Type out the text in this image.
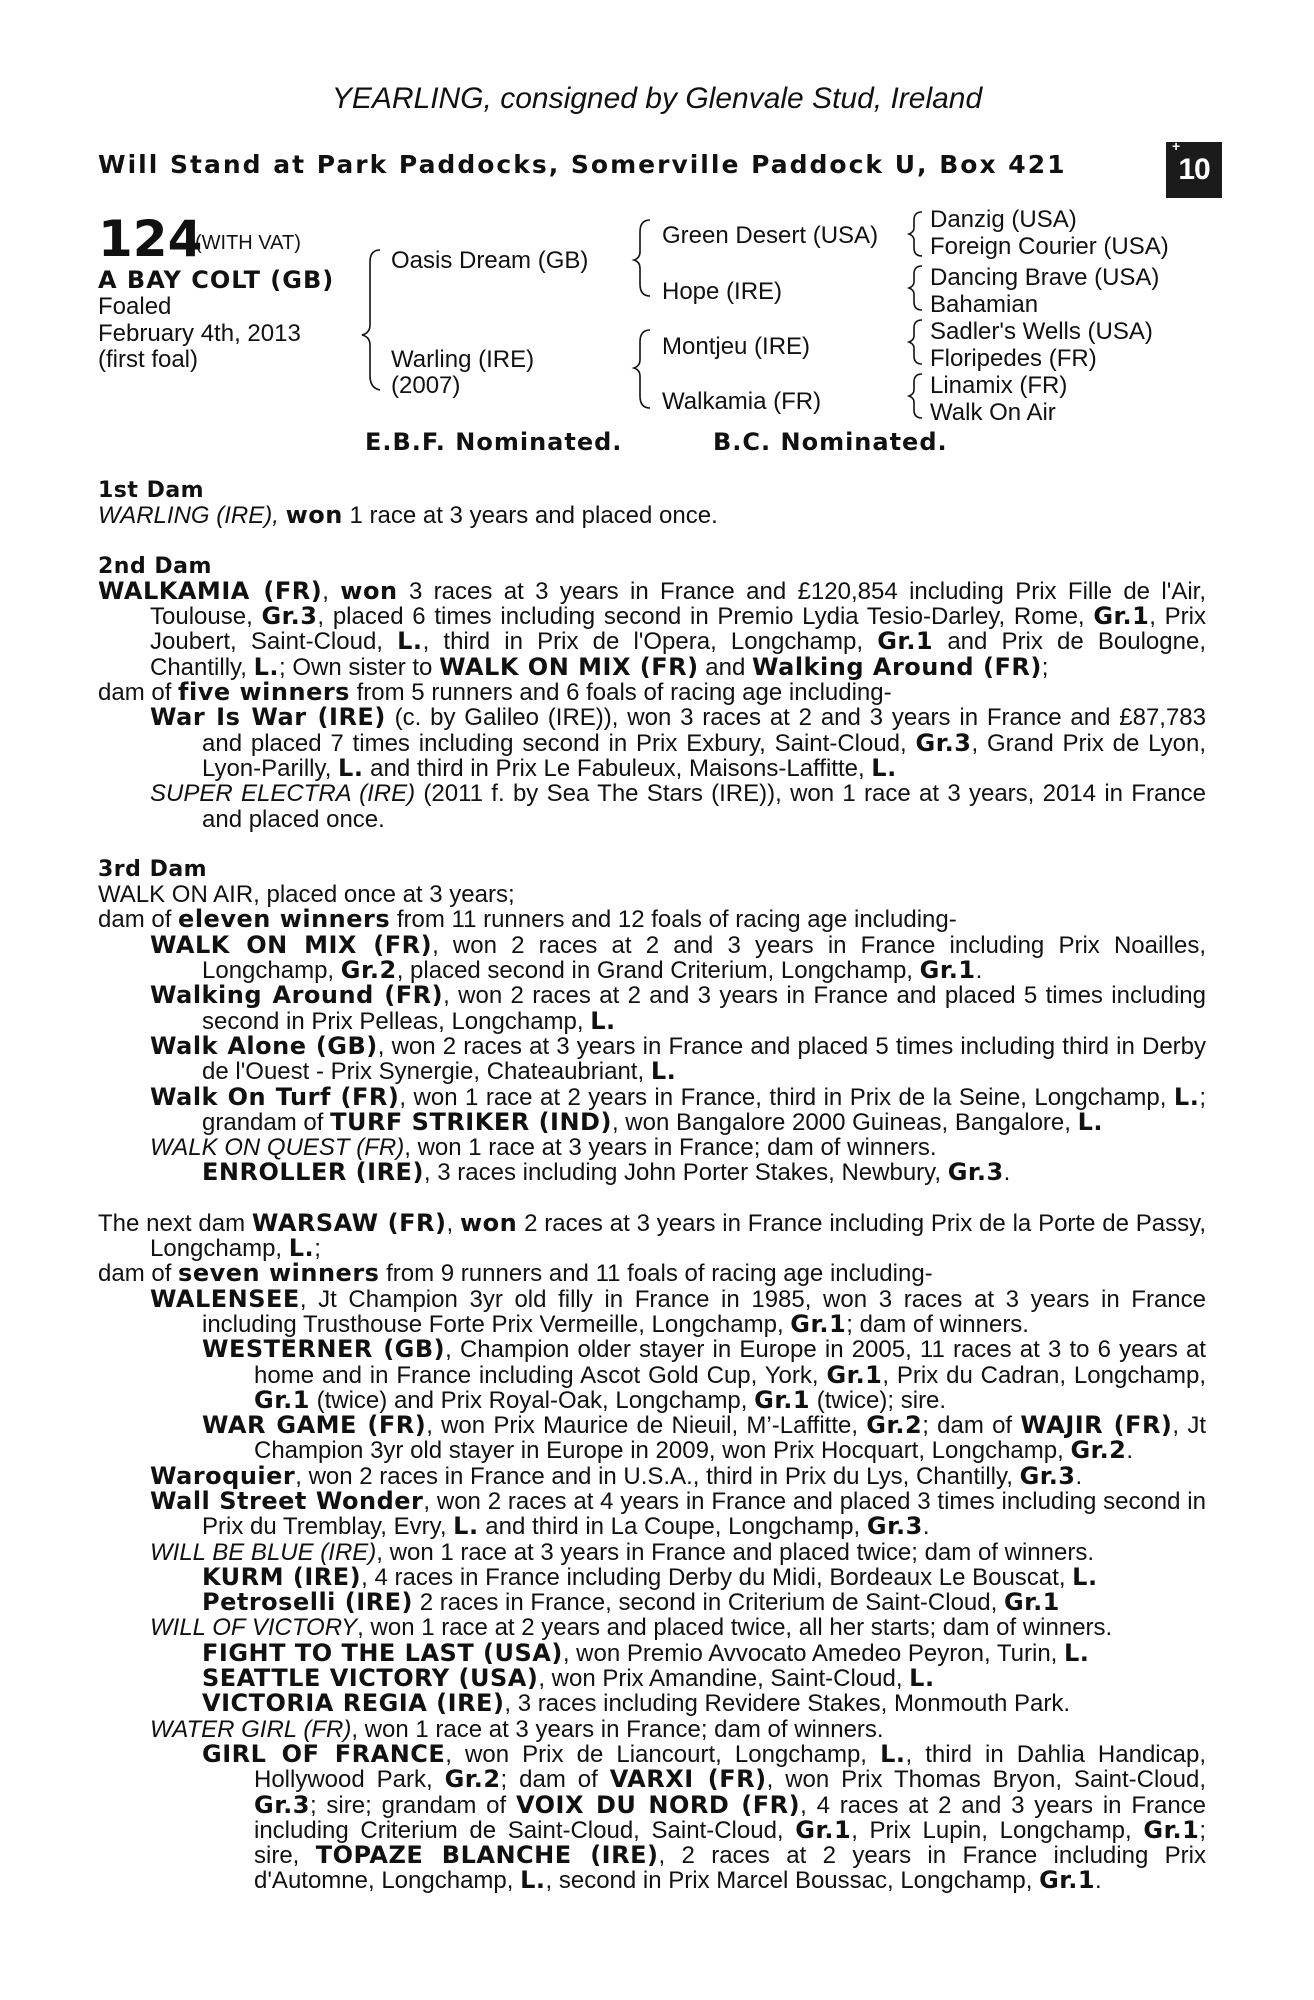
YEARLING, consigned by Glenvale Stud, Ireland
Will Stand at Park Paddocks, Somerville Paddock U, Box 421
+
10
124
(WITH VAT)
A BAY COLT (GB)
Foaled
February 4th, 2013
(first foal)
Oasis Dream (GB)
Warling (IRE)
(2007)
Green Desert (USA)
Hope (IRE)
Montjeu (IRE)
Walkamia (FR)
Danzig (USA)
Foreign Courier (USA)
Dancing Brave (USA)
Bahamian
Sadler's Wells (USA)
Floripedes (FR)
Linamix (FR)
Walk On Air
E.B.F. Nominated.	B.C. Nominated.

1st Dam

WARLING (IRE), won 1 race at 3 years and placed once.

2nd Dam

WALKAMIA (FR), won 3 races at 3 years in France and £120,854 including Prix Fille de l'Air, Toulouse, Gr.3, placed 6 times including second in Premio Lydia Tesio-Darley, Rome, Gr.1, Prix Joubert, Saint-Cloud, L., third in Prix de l'Opera, Longchamp, Gr.1 and Prix de Boulogne, Chantilly, L.; Own sister to WALK ON MIX (FR) and Walking Around (FR);

dam of five winners from 5 runners and 6 foals of racing age including-

War Is War (IRE) (c. by Galileo (IRE)), won 3 races at 2 and 3 years in France and £87,783 and placed 7 times including second in Prix Exbury, Saint-Cloud, Gr.3, Grand Prix de Lyon, Lyon-Parilly, L. and third in Prix Le Fabuleux, Maisons-Laffitte, L.

SUPER ELECTRA (IRE) (2011 f. by Sea The Stars (IRE)), won 1 race at 3 years, 2014 in France and placed once.

3rd Dam

WALK ON AIR, placed once at 3 years;

dam of eleven winners from 11 runners and 12 foals of racing age including-

WALK ON MIX (FR), won 2 races at 2 and 3 years in France including Prix Noailles, Longchamp, Gr.2, placed second in Grand Criterium, Longchamp, Gr.1.

Walking Around (FR), won 2 races at 2 and 3 years in France and placed 5 times including second in Prix Pelleas, Longchamp, L.

Walk Alone (GB), won 2 races at 3 years in France and placed 5 times including third in Derby de l'Ouest - Prix Synergie, Chateaubriant, L.

Walk On Turf (FR), won 1 race at 2 years in France, third in Prix de la Seine, Longchamp, L.; grandam of TURF STRIKER (IND), won Bangalore 2000 Guineas, Bangalore, L.

WALK ON QUEST (FR), won 1 race at 3 years in France; dam of winners.

ENROLLER (IRE), 3 races including John Porter Stakes, Newbury, Gr.3.

The next dam WARSAW (FR), won 2 races at 3 years in France including Prix de la Porte de Passy, Longchamp, L.;

dam of seven winners from 9 runners and 11 foals of racing age including-

WALENSEE, Jt Champion 3yr old filly in France in 1985, won 3 races at 3 years in France including Trusthouse Forte Prix Vermeille, Longchamp, Gr.1; dam of winners.

WESTERNER (GB), Champion older stayer in Europe in 2005, 11 races at 3 to 6 years at home and in France including Ascot Gold Cup, York, Gr.1, Prix du Cadran, Longchamp, Gr.1 (twice) and Prix Royal-Oak, Longchamp, Gr.1 (twice); sire.

WAR GAME (FR), won Prix Maurice de Nieuil, M’-Laffitte, Gr.2; dam of WAJIR (FR), Jt Champion 3yr old stayer in Europe in 2009, won Prix Hocquart, Longchamp, Gr.2.

Waroquier, won 2 races in France and in U.S.A., third in Prix du Lys, Chantilly, Gr.3.

Wall Street Wonder, won 2 races at 4 years in France and placed 3 times including second in Prix du Tremblay, Evry, L. and third in La Coupe, Longchamp, Gr.3.

WILL BE BLUE (IRE), won 1 race at 3 years in France and placed twice; dam of winners.

KURM (IRE), 4 races in France including Derby du Midi, Bordeaux Le Bouscat, L.

Petroselli (IRE) 2 races in France, second in Criterium de Saint-Cloud, Gr.1

WILL OF VICTORY, won 1 race at 2 years and placed twice, all her starts; dam of winners.

FIGHT TO THE LAST (USA), won Premio Avvocato Amedeo Peyron, Turin, L.

SEATTLE VICTORY (USA), won Prix Amandine, Saint-Cloud, L.

VICTORIA REGIA (IRE), 3 races including Revidere Stakes, Monmouth Park.

WATER GIRL (FR), won 1 race at 3 years in France; dam of winners.

GIRL OF FRANCE, won Prix de Liancourt, Longchamp, L., third in Dahlia Handicap, Hollywood Park, Gr.2; dam of VARXI (FR), won Prix Thomas Bryon, Saint-Cloud, Gr.3; sire; grandam of VOIX DU NORD (FR), 4 races at 2 and 3 years in France including Criterium de Saint-Cloud, Saint-Cloud, Gr.1, Prix Lupin, Longchamp, Gr.1; sire, TOPAZE BLANCHE (IRE), 2 races at 2 years in France including Prix d'Automne, Longchamp, L., second in Prix Marcel Boussac, Longchamp, Gr.1.
